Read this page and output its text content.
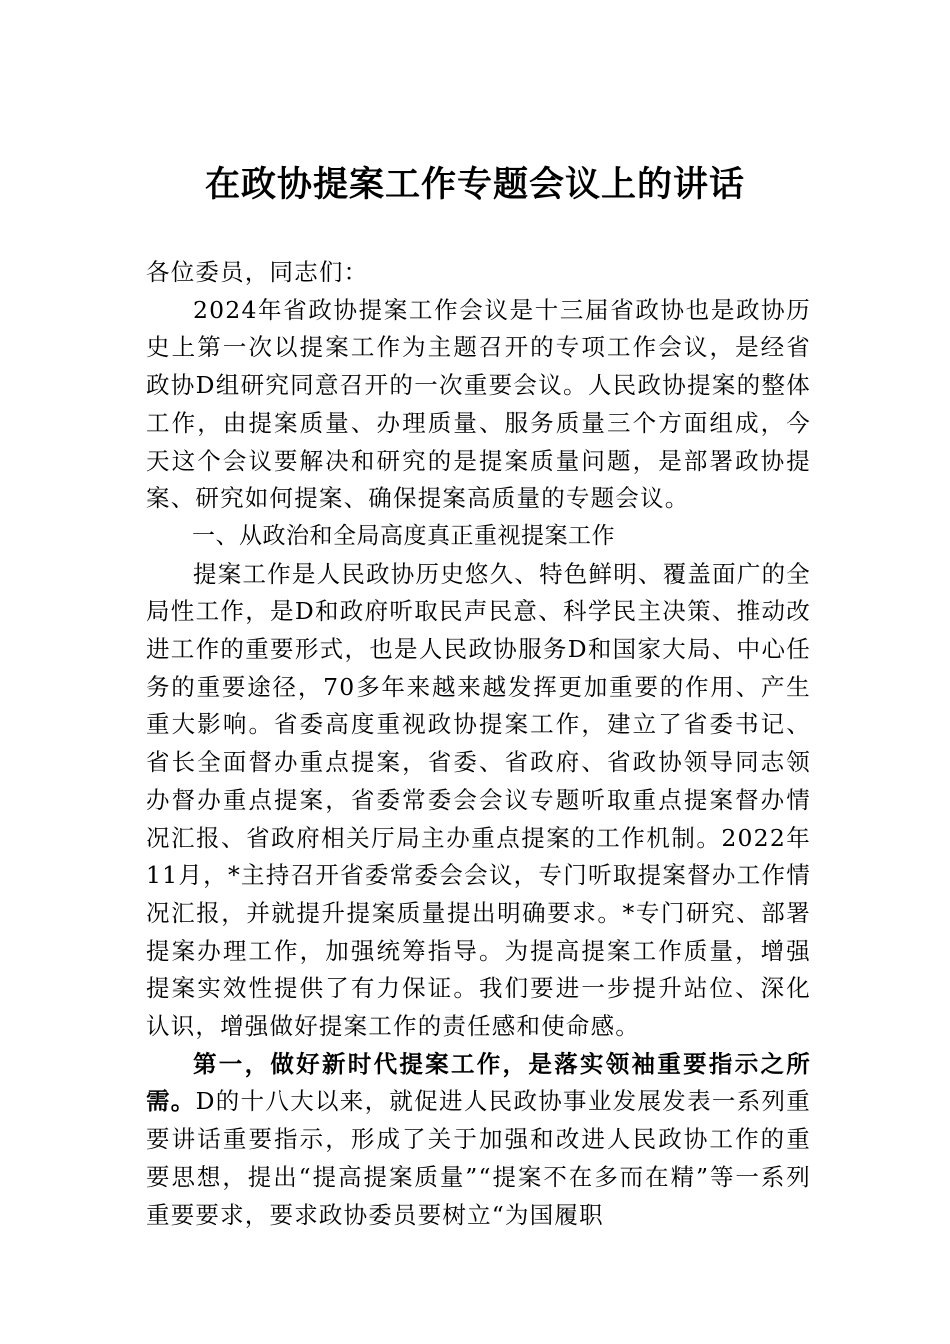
在政协提案工作专题会议上的讲话

各位委员，同志们：

2024年省政协提案工作会议是十三届省政协也是政协历史上第一次以提案工作为主题召开的专项工作会议，是经省政协D组研究同意召开的一次重要会议。人民政协提案的整体工作，由提案质量、办理质量、服务质量三个方面组成，今天这个会议要解决和研究的是提案质量问题，是部署政协提案、研究如何提案、确保提案高质量的专题会议。

一、从政治和全局高度真正重视提案工作

提案工作是人民政协历史悠久、特色鲜明、覆盖面广的全局性工作，是D和政府听取民声民意、科学民主决策、推动改进工作的重要形式，也是人民政协服务D和国家大局、中心任务的重要途径，70多年来越来越发挥更加重要的作用、产生重大影响。省委高度重视政协提案工作，建立了省委书记、省长全面督办重点提案，省委、省政府、省政协领导同志领办督办重点提案，省委常委会会议专题听取重点提案督办情况汇报、省政府相关厅局主办重点提案的工作机制。2022年11月，*主持召开省委常委会会议，专门听取提案督办工作情况汇报，并就提升提案质量提出明确要求。*专门研究、部署提案办理工作，加强统筹指导。为提高提案工作质量，增强提案实效性提供了有力保证。我们要进一步提升站位、深化认识，增强做好提案工作的责任感和使命感。

第一，做好新时代提案工作，是落实领袖重要指示之所需。D的十八大以来，就促进人民政协事业发展发表一系列重要讲话重要指示，形成了关于加强和改进人民政协工作的重要思想，提出“提高提案质量”“提案不在多而在精”等一系列重要要求，要求政协委员要树立“为国履职
